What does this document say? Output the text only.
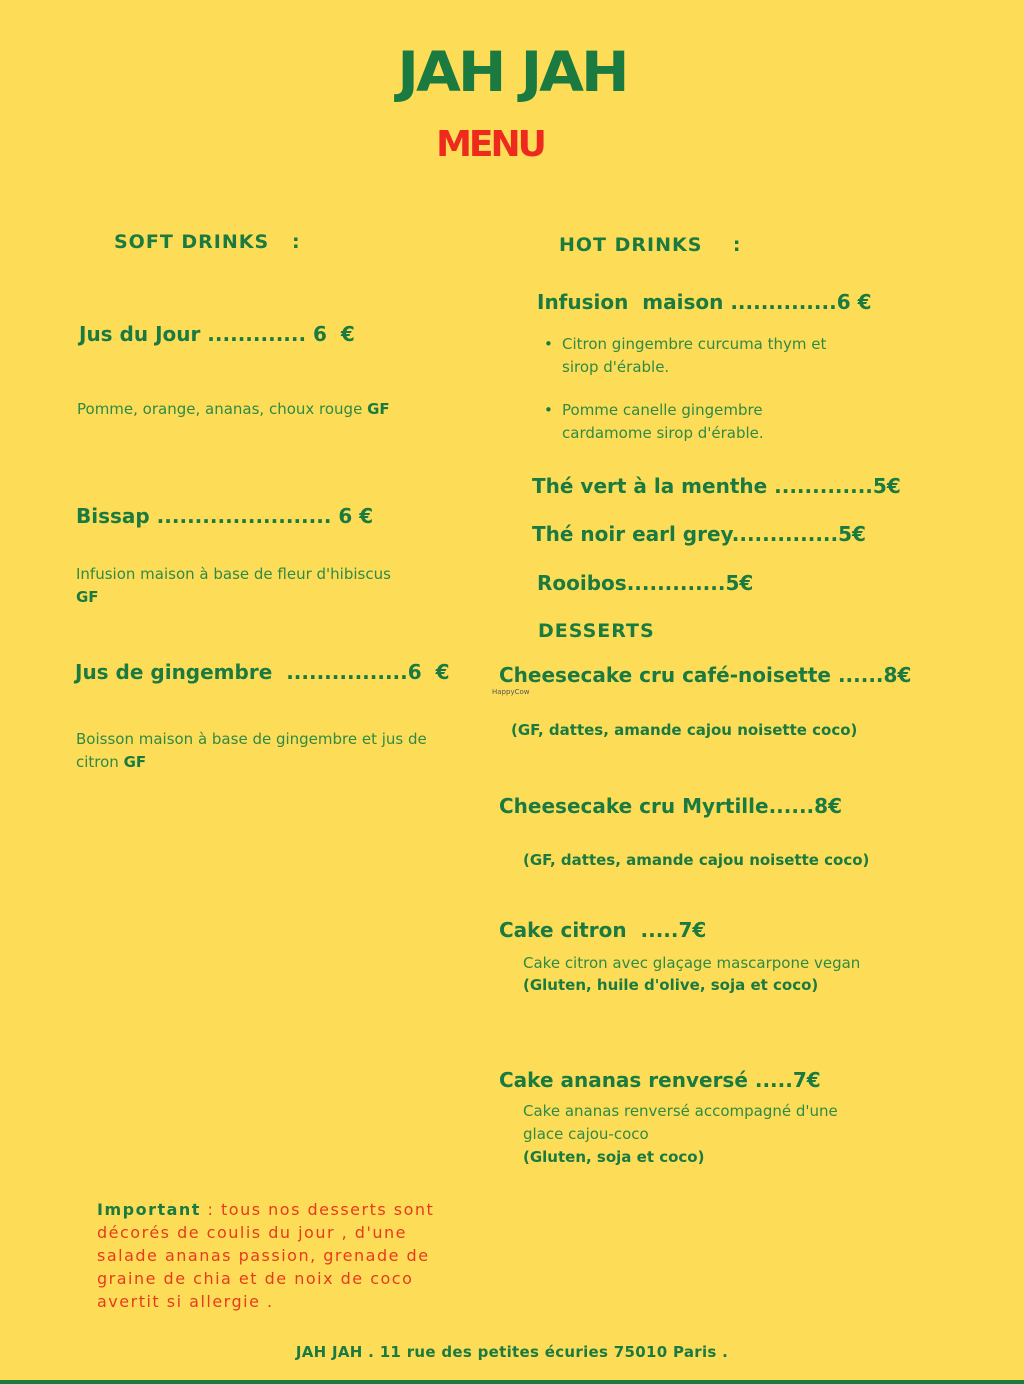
JAH JAH
MENU
SOFT DRINKS   :
Jus du Jour ............. 6  €
Pomme, orange, ananas, choux rouge GF
Bissap ....................... 6 €
Infusion maison à base de fleur d'hibiscus
GF
Jus de gingembre  ................6  €
Boisson maison à base de gingembre et jus de citron GF
HOT DRINKS    :
Infusion  maison ..............6 €
• Citron gingembre curcuma thym et sirop d'érable.
• Pomme canelle gingembre cardamome sirop d'érable.
Thé vert à la menthe .............5€
Thé noir earl grey..............5€
Rooibos.............5€
DESSERTS
Cheesecake cru café-noisette ......8€
HappyCow
(GF, dattes, amande cajou noisette coco)
Cheesecake cru Myrtille......8€
(GF, dattes, amande cajou noisette coco)
Cake citron  .....7€
Cake citron avec glaçage mascarpone vegan
(Gluten, huile d'olive, soja et coco)
Cake ananas renversé .....7€
Cake ananas renversé accompagné d'une glace cajou-coco
(Gluten, soja et coco)
Important : tous nos desserts sont décorés de coulis du jour , d'une salade ananas passion, grenade de graine de chia et de noix de coco avertit si allergie .
JAH JAH . 11 rue des petites écuries 75010 Paris .
